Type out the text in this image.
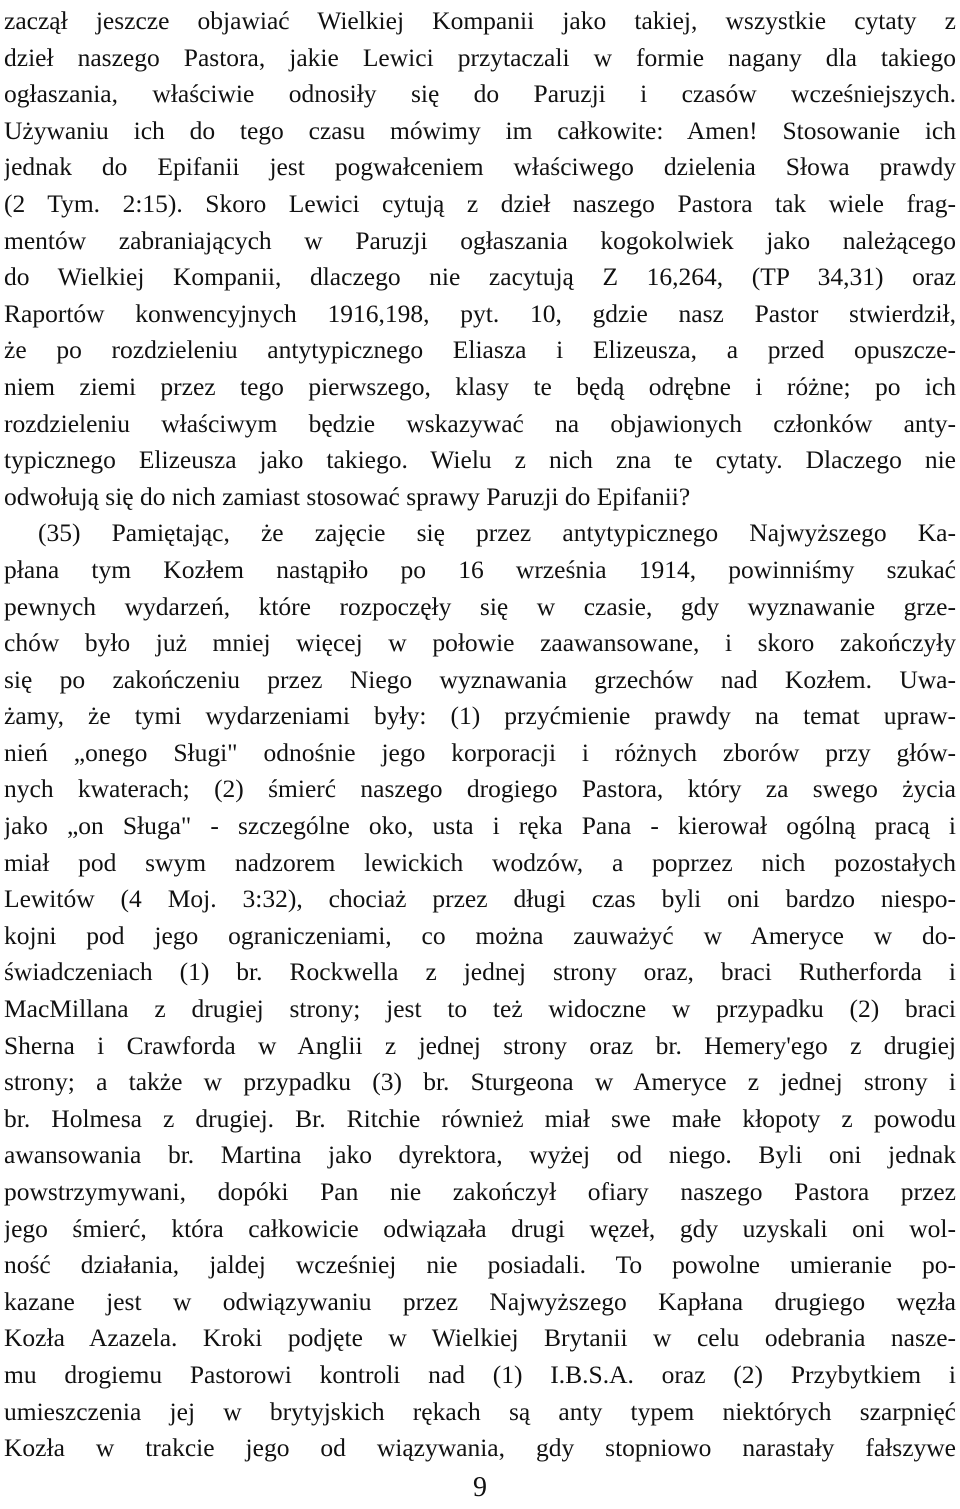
zaczął jeszcze objawiać Wielkiej Kompanii jako takiej, wszystkie cytaty z
dzieł naszego Pastora, jakie Lewici przytaczali w formie nagany dla takiego
ogłaszania, właściwie odnosiły się do Paruzji i czasów wcześniejszych.
Używaniu ich do tego czasu mówimy im całkowite: Amen! Stosowanie ich
jednak do Epifanii jest pogwałceniem właściwego dzielenia Słowa prawdy
(2 Tym. 2:15). Skoro Lewici cytują z dzieł naszego Pastora tak wiele frag-
mentów zabraniających w Paruzji ogłaszania kogokolwiek jako należącego
do Wielkiej Kompanii, dlaczego nie zacytują Z 16,264, (TP 34,31) oraz
Raportów konwencyjnych 1916,198, pyt. 10, gdzie nasz Pastor stwierdził,
że po rozdzieleniu antytypicznego Eliasza i Elizeusza, a przed opuszcze-
niem ziemi przez tego pierwszego, klasy te będą odrębne i różne; po ich
rozdzieleniu właściwym będzie wskazywać na objawionych członków anty-
typicznego Elizeusza jako takiego. Wielu z nich zna te cytaty. Dlaczego nie
odwołują się do nich zamiast stosować sprawy Paruzji do Epifanii?
(35) Pamiętając, że zajęcie się przez antytypicznego Najwyższego Ka-
płana tym Kozłem nastąpiło po 16 września 1914, powinniśmy szukać
pewnych wydarzeń, które rozpoczęły się w czasie, gdy wyznawanie grze-
chów było już mniej więcej w połowie zaawansowane, i skoro zakończyły
się po zakończeniu przez Niego wyznawania grzechów nad Kozłem. Uwa-
żamy, że tymi wydarzeniami były: (1) przyćmienie prawdy na temat upraw-
nień „onego Sługi" odnośnie jego korporacji i różnych zborów przy głów-
nych kwaterach; (2) śmierć naszego drogiego Pastora, który za swego życia
jako „on Sługa" - szczególne oko, usta i ręka Pana - kierował ogólną pracą i
miał pod swym nadzorem lewickich wodzów, a poprzez nich pozostałych
Lewitów (4 Moj. 3:32), chociaż przez długi czas byli oni bardzo niespo-
kojni pod jego ograniczeniami, co można zauważyć w Ameryce w do-
świadczeniach (1) br. Rockwella z jednej strony oraz, braci Rutherforda i
MacMillana z drugiej strony; jest to też widoczne w przypadku (2) braci
Sherna i Crawforda w Anglii z jednej strony oraz br. Hemery'ego z drugiej
strony; a także w przypadku (3) br. Sturgeona w Ameryce z jednej strony i
br. Holmesa z drugiej. Br. Ritchie również miał swe małe kłopoty z powodu
awansowania br. Martina jako dyrektora, wyżej od niego. Byli oni jednak
powstrzymywani, dopóki Pan nie zakończył ofiary naszego Pastora przez
jego śmierć, która całkowicie odwiązała drugi węzeł, gdy uzyskali oni wol-
ność działania, jaldej wcześniej nie posiadali. To powolne umieranie po-
kazane jest w odwiązywaniu przez Najwyższego Kapłana drugiego węzła
Kozła Azazela. Kroki podjęte w Wielkiej Brytanii w celu odebrania nasze-
mu drogiemu Pastorowi kontroli nad (1) I.B.S.A. oraz (2) Przybytkiem i
umieszczenia jej w brytyjskich rękach są anty typem niektórych szarpnięć
Kozła w trakcie jego od wiązywania, gdy stopniowo narastały fałszywe
9
